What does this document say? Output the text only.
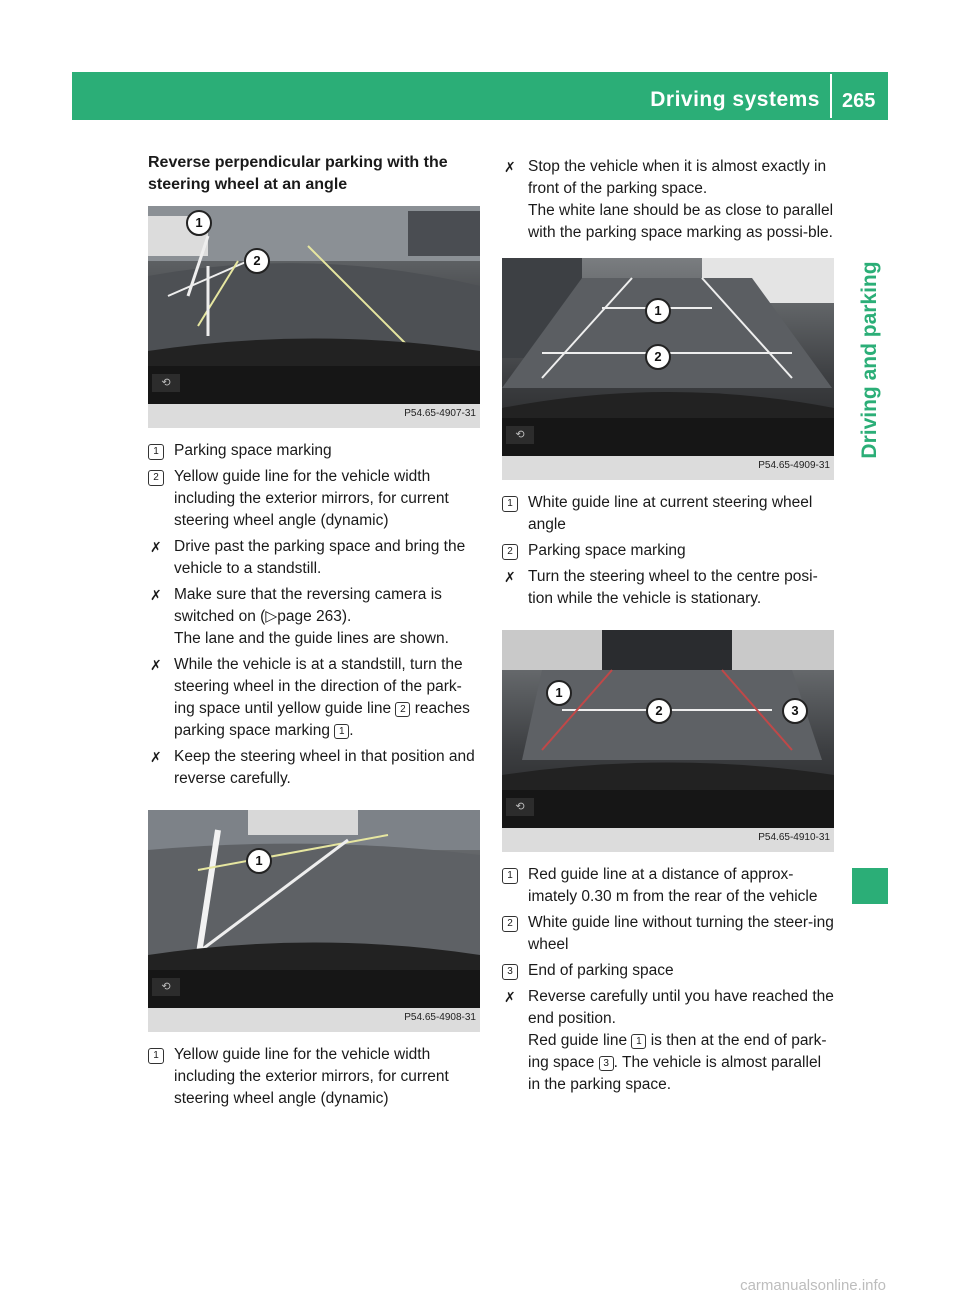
Driving systems 265
Driving and parking
Reverse perpendicular parking with the
steering wheel at an angle
1
2
⟲
P54.65-4907-31
1 Parking space marking
2 Yellow guide line for the vehicle width including the exterior mirrors, for current steering wheel angle (dynamic)
✗ Drive past the parking space and bring the vehicle to a standstill.

✗ Make sure that the reversing camera is switched on (▷page 263).

The lane and the guide lines are shown.

✗ While the vehicle is at a standstill, turn the steering wheel in the direction of the park-ing space until yellow guide line 2 reaches parking space marking 1 .

✗ Keep the steering wheel in that position and reverse carefully.

1
⟲
P54.65-4908-31
1 Yellow guide line for the vehicle width including the exterior mirrors, for current steering wheel angle (dynamic)
✗ Stop the vehicle when it is almost exactly in front of the parking space.

The white lane should be as close to parallel with the parking space marking as possi-ble.

1
2
⟲
P54.65-4909-31
1 White guide line at current steering wheel angle
2 Parking space marking
✗ Turn the steering wheel to the centre posi-tion while the vehicle is stationary.

1
2	3
⟲
P54.65-4910-31
1 Red guide line at a distance of approx-imately 0.30 m from the rear of the vehicle
2 White guide line without turning the steer-ing wheel
3 End of parking space
✗ Reverse carefully until you have reached the end position.

Red guide line 1 is then at the end of park-ing space 3 . The vehicle is almost parallel in the parking space.

carmanualsonline.info
